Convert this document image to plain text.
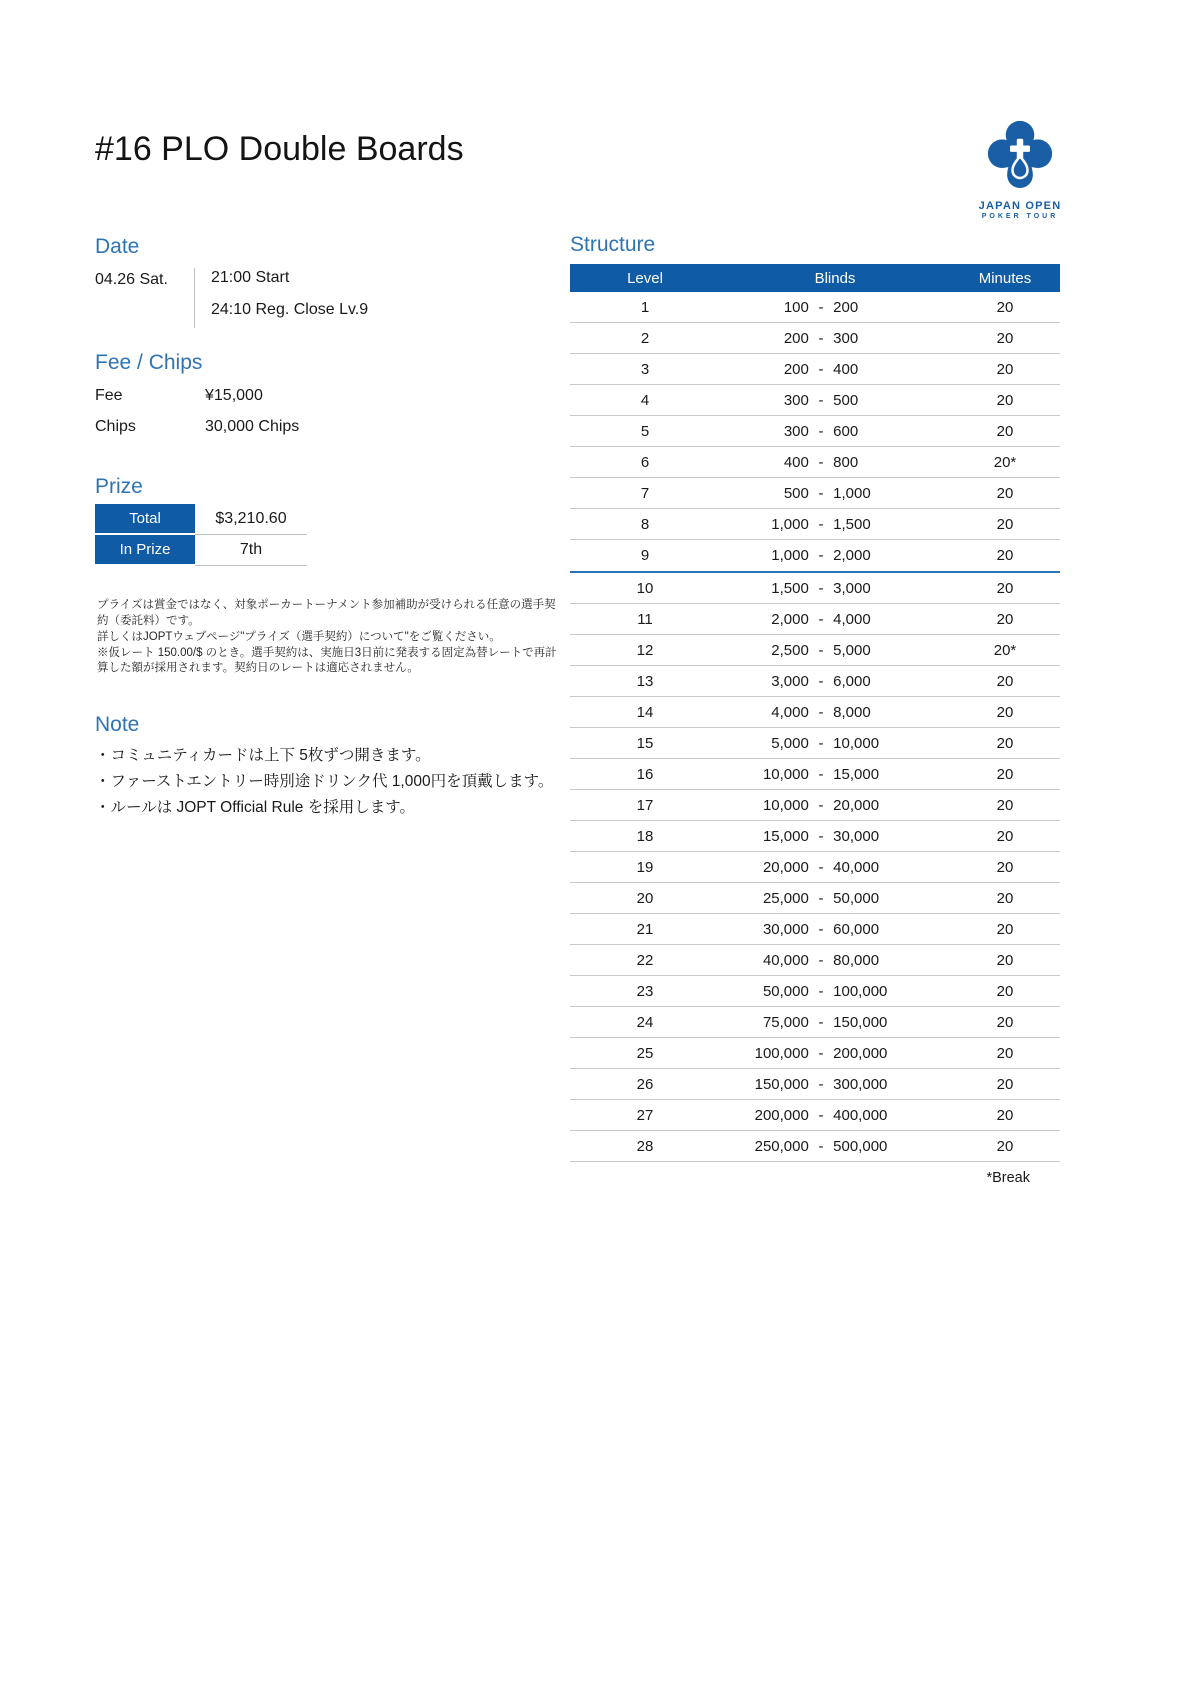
#16 PLO Double Boards
JAPAN OPEN
POKER TOUR
Date
04.26 Sat.	21:00 Start
24:10 Reg. Close Lv.9
Fee / Chips
Fee	¥15,000
Chips	30,000 Chips
Prize
Total	$3,210.60
In Prize	7th

プライズは賞金ではなく、対象ポーカートーナメント参加補助が受けられる任意の選手契約（委託料）です。

詳しくはJOPTウェブページ"プライズ（選手契約）について"をご覧ください。

※仮レート 150.00/$ のとき。選手契約は、実施日3日前に発表する固定為替レートで再計算した額が採用されます。契約日のレートは適応されません。

Note
・コミュニティカードは上下 5枚ずつ開きます。
・ファーストエントリー時別途ドリンク代 1,000円を頂戴します。
・ルールは JOPT Official Rule を採用します。
Structure
Level	Blinds	Minutes
1	100 - 200	20
2	200 - 300	20
3	200 - 400	20
4	300 - 500	20
5	300 - 600	20
6	400 - 800	20*
7	500 - 1,000	20
8	1,000 - 1,500	20
9	1,000 - 2,000	20
10	1,500 - 3,000	20
11	2,000 - 4,000	20
12	2,500 - 5,000	20*
13	3,000 - 6,000	20
14	4,000 - 8,000	20
15	5,000 - 10,000	20
16	10,000 - 15,000	20
17	10,000 - 20,000	20
18	15,000 - 30,000	20
19	20,000 - 40,000	20
20	25,000 - 50,000	20
21	30,000 - 60,000	20
22	40,000 - 80,000	20
23	50,000 - 100,000	20
24	75,000 - 150,000	20
25	100,000 - 200,000	20
26	150,000 - 300,000	20
27	200,000 - 400,000	20
28	250,000 - 500,000	20
*Break
